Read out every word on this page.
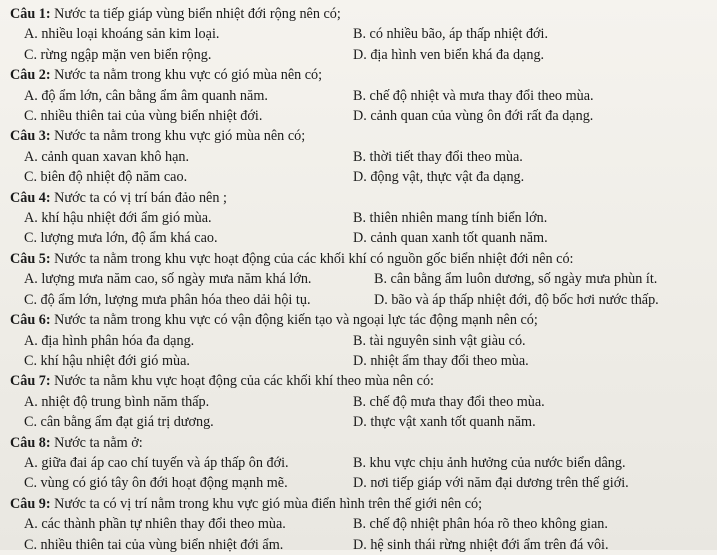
Câu 1: Nước ta tiếp giáp vùng biển nhiệt đới rộng nên có;
A. nhiều loại khoáng sản kim loại.	B. có nhiều bão, áp thấp nhiệt đới.
C. rừng ngập mặn ven biển rộng.	D. địa hình ven biển khá đa dạng.
Câu 2: Nước ta nằm trong khu vực có gió mùa nên có;
A. độ ẩm lớn, cân bằng ẩm âm quanh năm.	B. chế độ nhiệt và mưa thay đổi theo mùa.
C. nhiều thiên tai của vùng biển nhiệt đới.	D. cảnh quan của vùng ôn đới rất đa dạng.
Câu 3: Nước ta nằm trong khu vực gió mùa nên có;
A. cảnh quan xavan khô hạn.	B. thời tiết thay đổi theo mùa.
C. biên độ nhiệt độ năm cao.	D. động vật, thực vật đa dạng.
Câu 4: Nước ta có vị trí bán đảo nên ;
A. khí hậu nhiệt đới ẩm gió mùa.	B. thiên nhiên mang tính biển lớn.
C. lượng mưa lớn, độ ẩm khá cao.	D. cảnh quan xanh tốt quanh năm.
Câu 5: Nước ta nằm trong khu vực hoạt động của các khối khí có nguồn gốc biển nhiệt đới nên có:
A. lượng mưa năm cao, số ngày mưa năm khá lớn.	B. cân bằng ẩm luôn dương, số ngày mưa phùn ít.
C. độ ẩm lớn, lượng mưa phân hóa theo dải hội tụ.	D. bão và áp thấp nhiệt đới, độ bốc hơi nước thấp.
Câu 6: Nước ta nằm trong khu vực có vận động kiến tạo và ngoại lực tác động mạnh nên có;
A. địa hình phân hóa đa dạng.	B. tài nguyên sinh vật giàu có.
C. khí hậu nhiệt đới gió mùa.	D. nhiệt ẩm thay đổi theo mùa.
Câu 7: Nước ta nằm khu vực hoạt động của các khối khí theo mùa nên có:
A. nhiệt độ trung bình năm thấp.	B. chế độ mưa thay đổi theo mùa.
C. cân bằng ẩm đạt giá trị dương.	D. thực vật xanh tốt quanh năm.
Câu 8: Nước ta nằm ở:
A. giữa đai áp cao chí tuyến và áp thấp ôn đới.	B. khu vực chịu ảnh hưởng của nước biển dâng.
C. vùng có gió tây ôn đới hoạt động mạnh mẽ.	D. nơi tiếp giáp với năm đại dương trên thế giới.
Câu 9: Nước ta có vị trí nằm trong khu vực gió mùa điển hình trên thế giới nên có;
A. các thành phần tự nhiên thay đổi theo mùa.	B. chế độ nhiệt phân hóa rõ theo không gian.
C. nhiều thiên tai của vùng biển nhiệt đới ẩm.	D. hệ sinh thái rừng nhiệt đới ẩm trên đá vôi.
